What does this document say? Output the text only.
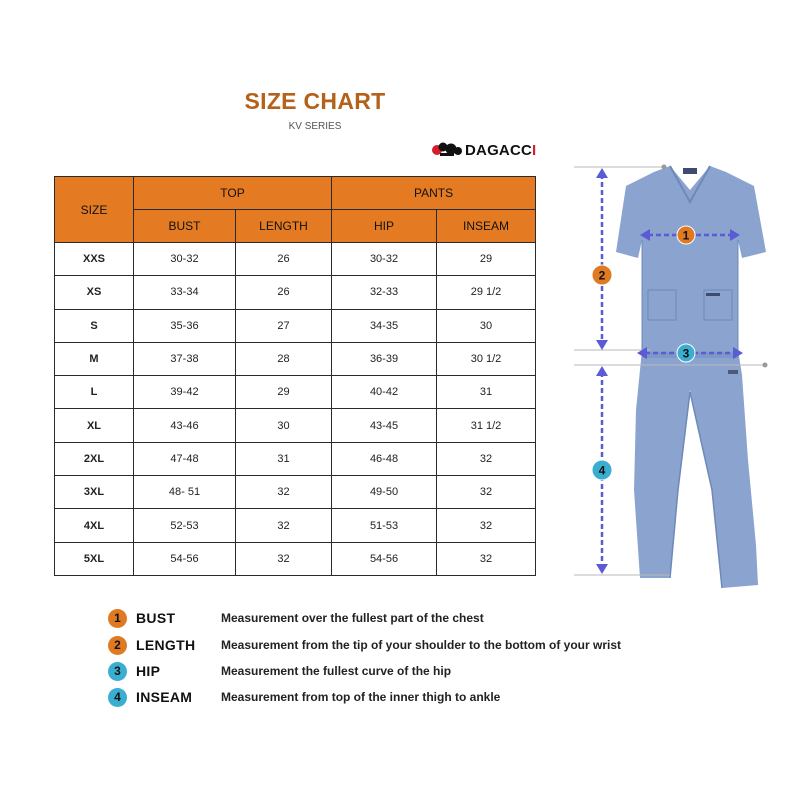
SIZE CHART
KV SERIES
DAGACCI
SIZE	TOP		PANTS	
	BUST	LENGTH	HIP	INSEAM
XXS	30-32	26	30-32	29
XS	33-34	26	32-33	29 1/2
S	35-36	27	34-35	30
M	37-38	28	36-39	30 1/2
L	39-42	29	40-42	31
XL	43-46	30	43-45	31 1/2
2XL	47-48	31	46-48	32
3XL	48- 51	32	49-50	32
4XL	52-53	32	51-53	32
5XL	54-56	32	54-56	32
1
2
3
4
1	BUST	Measurement over the fullest part of the chest
2	LENGTH Measurement from the tip of your shoulder to the bottom of your wrist
3	HIP	Measurement the fullest curve of the hip
4	INSEAM Measurement from top of the inner thigh to ankle
